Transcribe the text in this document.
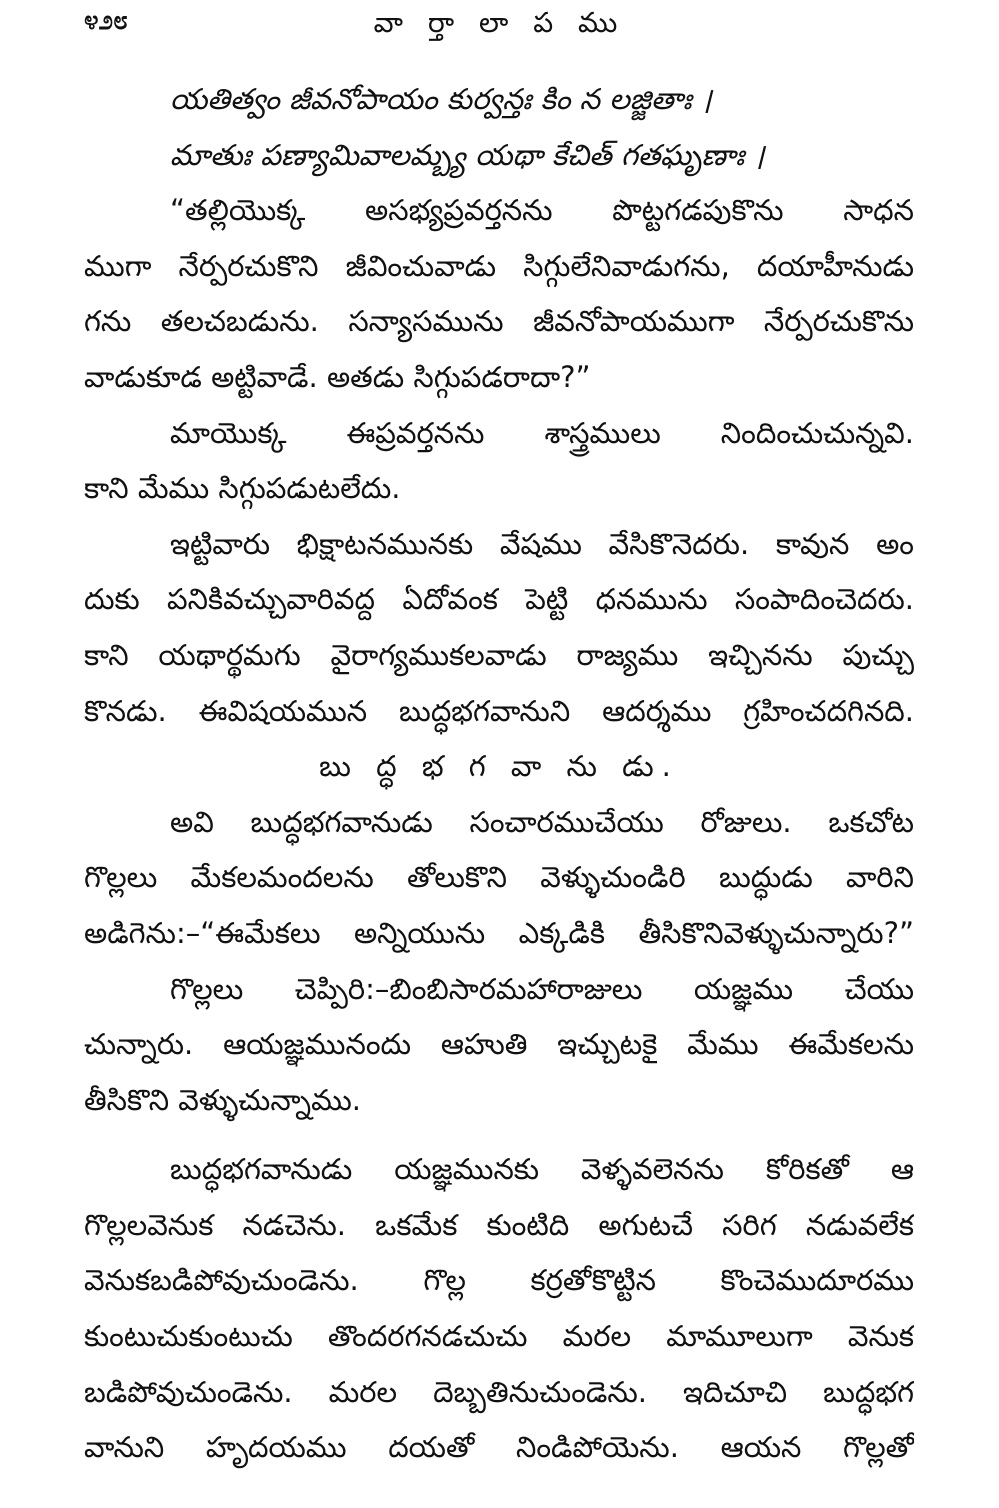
೪೨೮	వా ర్తా లా ప ము
యతిత్వం జీవనోపాయం కుర్వన్తః కిం న లజ్జితాః ।
మాతుః పణ్యామివాలమ్బ్య యథా కేచిత్ గతఘృణాః ।
“తల్లియొక్క అసభ్యప్రవర్తనను పొట్టగడపుకొను సాధన
ముగా నేర్పరచుకొని జీవించువాడు సిగ్గులేనివాడుగను, దయాహీనుడు
గను తలచబడును. సన్యాసమును జీవనోపాయముగా నేర్పరచుకొను
వాడుకూడ అట్టివాడే. అతడు సిగ్గుపడరాదా?”
మాయొక్క ఈప్రవర్తనను శాస్త్రములు నిందించుచున్నవి.
కాని మేము సిగ్గుపడుటలేదు.
ఇట్టివారు భిక్షాటనమునకు వేషము వేసికొనెదరు. కావున అం
దుకు పనికివచ్చువారివద్ద ఏదోవంక పెట్టి ధనమును సంపాదించెదరు.
కాని యథార్థమగు వైరాగ్యముకలవాడు రాజ్యము ఇచ్చినను పుచ్చు
కొనడు. ఈవిషయమున బుద్ధభగవానుని ఆదర్శము గ్రహించదగినది.
బు ద్ధ భ గ వా ను డు.
అవి బుద్ధభగవానుడు సంచారముచేయు రోజులు. ఒకచోట
గొల్లలు మేకలమందలను తోలుకొని వెళ్ళుచుండిరి బుద్ధుడు వారిని
అడిగెను:–“ఈమేకలు అన్నియును ఎక్కడికి తీసికొనివెళ్ళుచున్నారు?”
గొల్లలు చెప్పిరి:–బింబిసారమహారాజులు యజ్ఞము చేయు
చున్నారు. ఆయజ్ఞమునందు ఆహుతి ఇచ్చుటకై మేము ఈమేకలను
తీసికొని వెళ్ళుచున్నాము.
బుద్ధభగవానుడు యజ్ఞమునకు వెళ్ళవలెనను కోరికతో ఆ
గొల్లలవెనుక నడచెను. ఒకమేక కుంటిది అగుటచే సరిగ నడువలేక
వెనుకబడిపోవుచుండెను. గొల్ల కర్రతోకొట్టిన కొంచెముదూరము
కుంటుచుకుంటుచు తొందరగనడచుచు మరల మామూలుగా వెనుక
బడిపోవుచుండెను. మరల దెబ్బతినుచుండెను. ఇదిచూచి బుద్ధభగ
వానుని హృదయము దయతో నిండిపోయెను. ఆయన గొల్లతో
